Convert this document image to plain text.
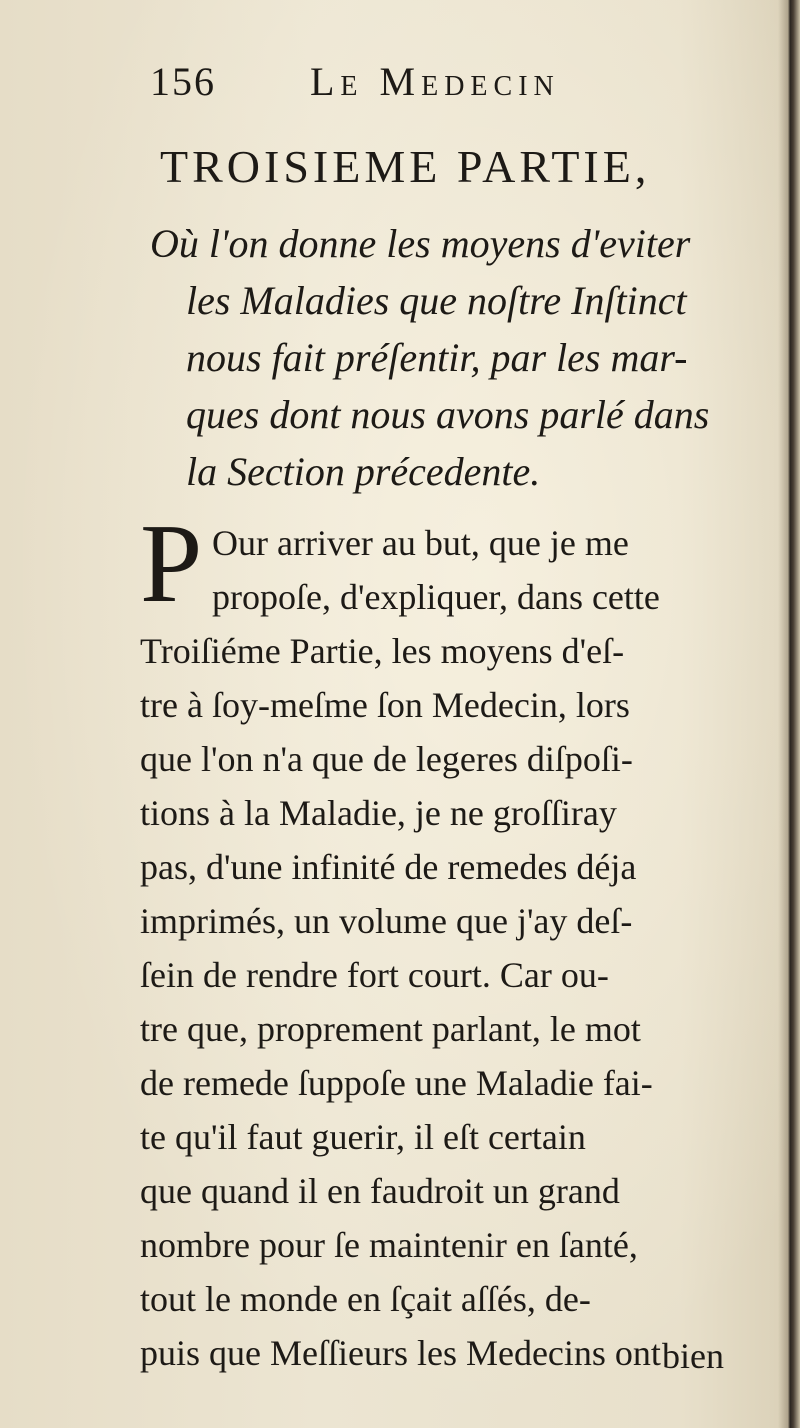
156 Le Medecin
TROISIEME PARTIE,
Où l'on donne les moyens d'eviter
les Maladies que noſtre Inſtinct
nous fait préſentir, par les mar-
ques dont nous avons parlé dans
la Section précedente.
P Our arriver au but, que je me
propoſe, d'expliquer, dans cette
Troiſiéme Partie, les moyens d'eſ-
tre à ſoy-meſme ſon Medecin, lors
que l'on n'a que de legeres diſpoſi-
tions à la Maladie, je ne groſſiray
pas, d'une infinité de remedes déja
imprimés, un volume que j'ay deſ-
ſein de rendre fort court. Car ou-
tre que, proprement parlant, le mot
de remede ſuppoſe une Maladie fai-
te qu'il faut guerir, il eſt certain
que quand il en faudroit un grand
nombre pour ſe maintenir en ſanté,
tout le monde en ſçait aſſés, de-
puis que Meſſieurs les Medecins ont bien
